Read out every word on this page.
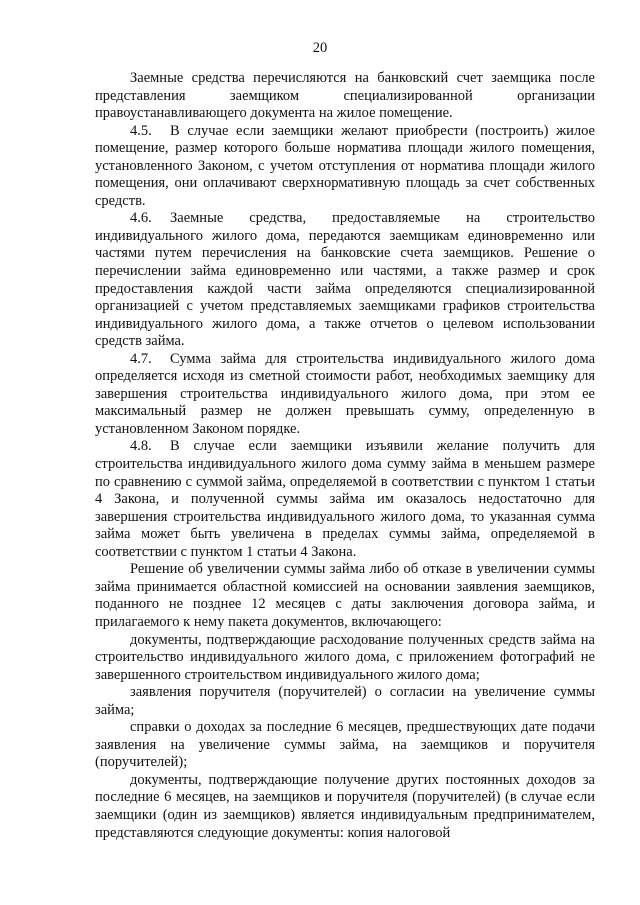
20

Заемные средства перечисляются на банковский счет заемщика после представления заемщиком специализированной организации правоустанавливающего документа на жилое помещение.

4.5. В случае если заемщики желают приобрести (построить) жилое помещение, размер которого больше норматива площади жилого помещения, установленного Законом, с учетом отступления от норматива площади жилого помещения, они оплачивают сверхнормативную площадь за счет собственных средств.

4.6. Заемные средства, предоставляемые на строительство индивидуального жилого дома, передаются заемщикам единовременно или частями путем перечисления на банковские счета заемщиков. Решение о перечислении займа единовременно или частями, а также размер и срок предоставления каждой части займа определяются специализированной организацией с учетом представляемых заемщиками графиков строительства индивидуального жилого дома, а также отчетов о целевом использовании средств займа.

4.7. Сумма займа для строительства индивидуального жилого дома определяется исходя из сметной стоимости работ, необходимых заемщику для завершения строительства индивидуального жилого дома, при этом ее максимальный размер не должен превышать сумму, определенную в установленном Законом порядке.

4.8. В случае если заемщики изъявили желание получить для строительства индивидуального жилого дома сумму займа в меньшем размере по сравнению с суммой займа, определяемой в соответствии с пунктом 1 статьи 4 Закона, и полученной суммы займа им оказалось недостаточно для завершения строительства индивидуального жилого дома, то указанная сумма займа может быть увеличена в пределах суммы займа, определяемой в соответствии с пунктом 1 статьи 4 Закона.

Решение об увеличении суммы займа либо об отказе в увеличении суммы займа принимается областной комиссией на основании заявления заемщиков, поданного не позднее 12 месяцев с даты заключения договора займа, и прилагаемого к нему пакета документов, включающего:

документы, подтверждающие расходование полученных средств займа на строительство индивидуального жилого дома, с приложением фотографий не завершенного строительством индивидуального жилого дома;

заявления поручителя (поручителей) о согласии на увеличение суммы займа;

справки о доходах за последние 6 месяцев, предшествующих дате подачи заявления на увеличение суммы займа, на заемщиков и поручителя (поручителей);

документы, подтверждающие получение других постоянных доходов за последние 6 месяцев, на заемщиков и поручителя (поручителей) (в случае если заемщики (один из заемщиков) является индивидуальным предпринимателем, представляются следующие документы: копия налоговой
